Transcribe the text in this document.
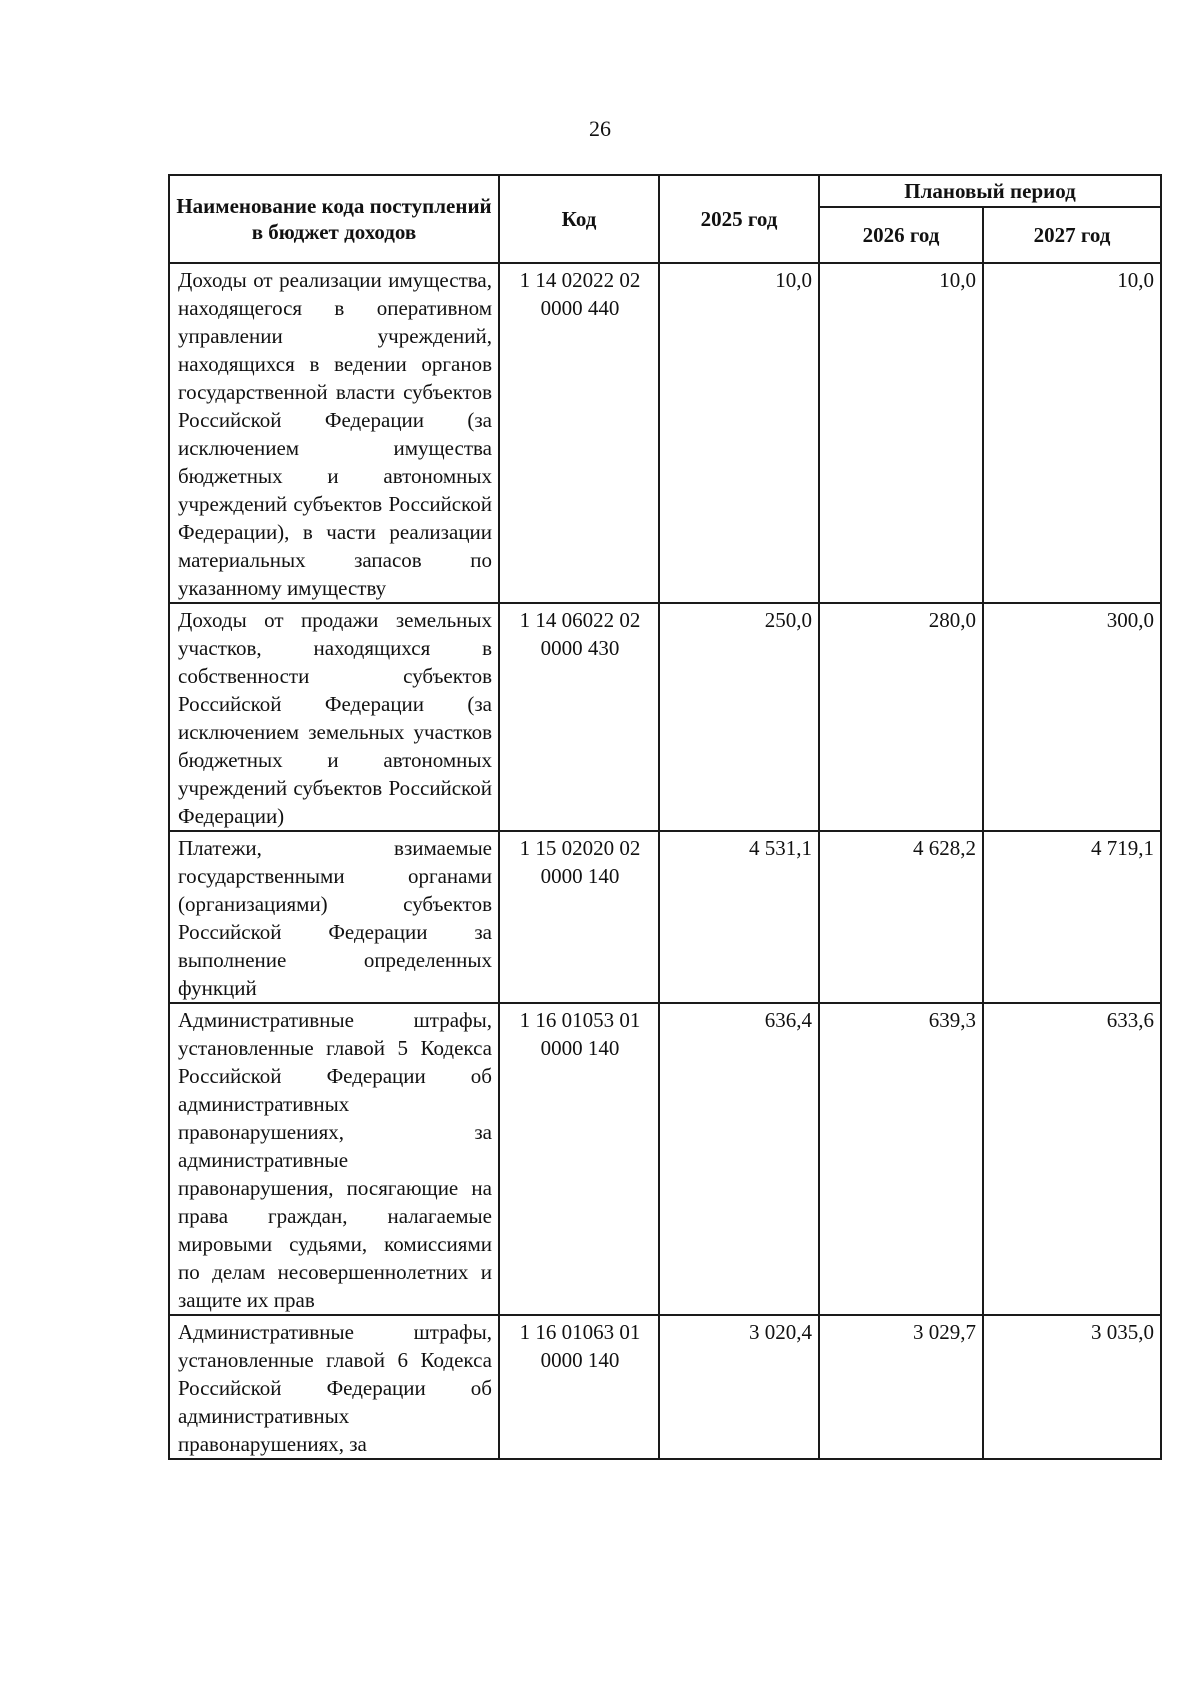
26
Наименование кода поступлений в бюджет доходов	Код	2025 год	Плановый период	
			2026 год	2027 год
Доходы от реализации имущества, находящегося в оперативном управлении учреждений, находящихся в ведении органов государственной власти субъектов Российской Федерации (за исключением имущества бюджетных и автономных учреждений субъектов Российской Федерации), в части реализации материальных запасов по указанному имуществу	1 14 02022 02 0000 440	10,0	10,0	10,0
Доходы от продажи земельных участков, находящихся в собственности субъектов Российской Федерации (за исключением земельных участков бюджетных и автономных учреждений субъектов Российской Федерации)	1 14 06022 02 0000 430	250,0	280,0	300,0
Платежи, взимаемые государственными органами (организациями) субъектов Российской Федерации за выполнение определенных функций	1 15 02020 02 0000 140	4 531,1	4 628,2	4 719,1
Административные штрафы, установленные главой 5 Кодекса Российской Федерации об административных правонарушениях, за административные правонарушения, посягающие на права граждан, налагаемые мировыми судьями, комиссиями по делам несовершеннолетних и защите их прав	1 16 01053 01 0000 140	636,4	639,3	633,6
Административные штрафы, установленные главой 6 Кодекса Российской Федерации об административных правонарушениях, за	1 16 01063 01 0000 140	3 020,4	3 029,7	3 035,0
